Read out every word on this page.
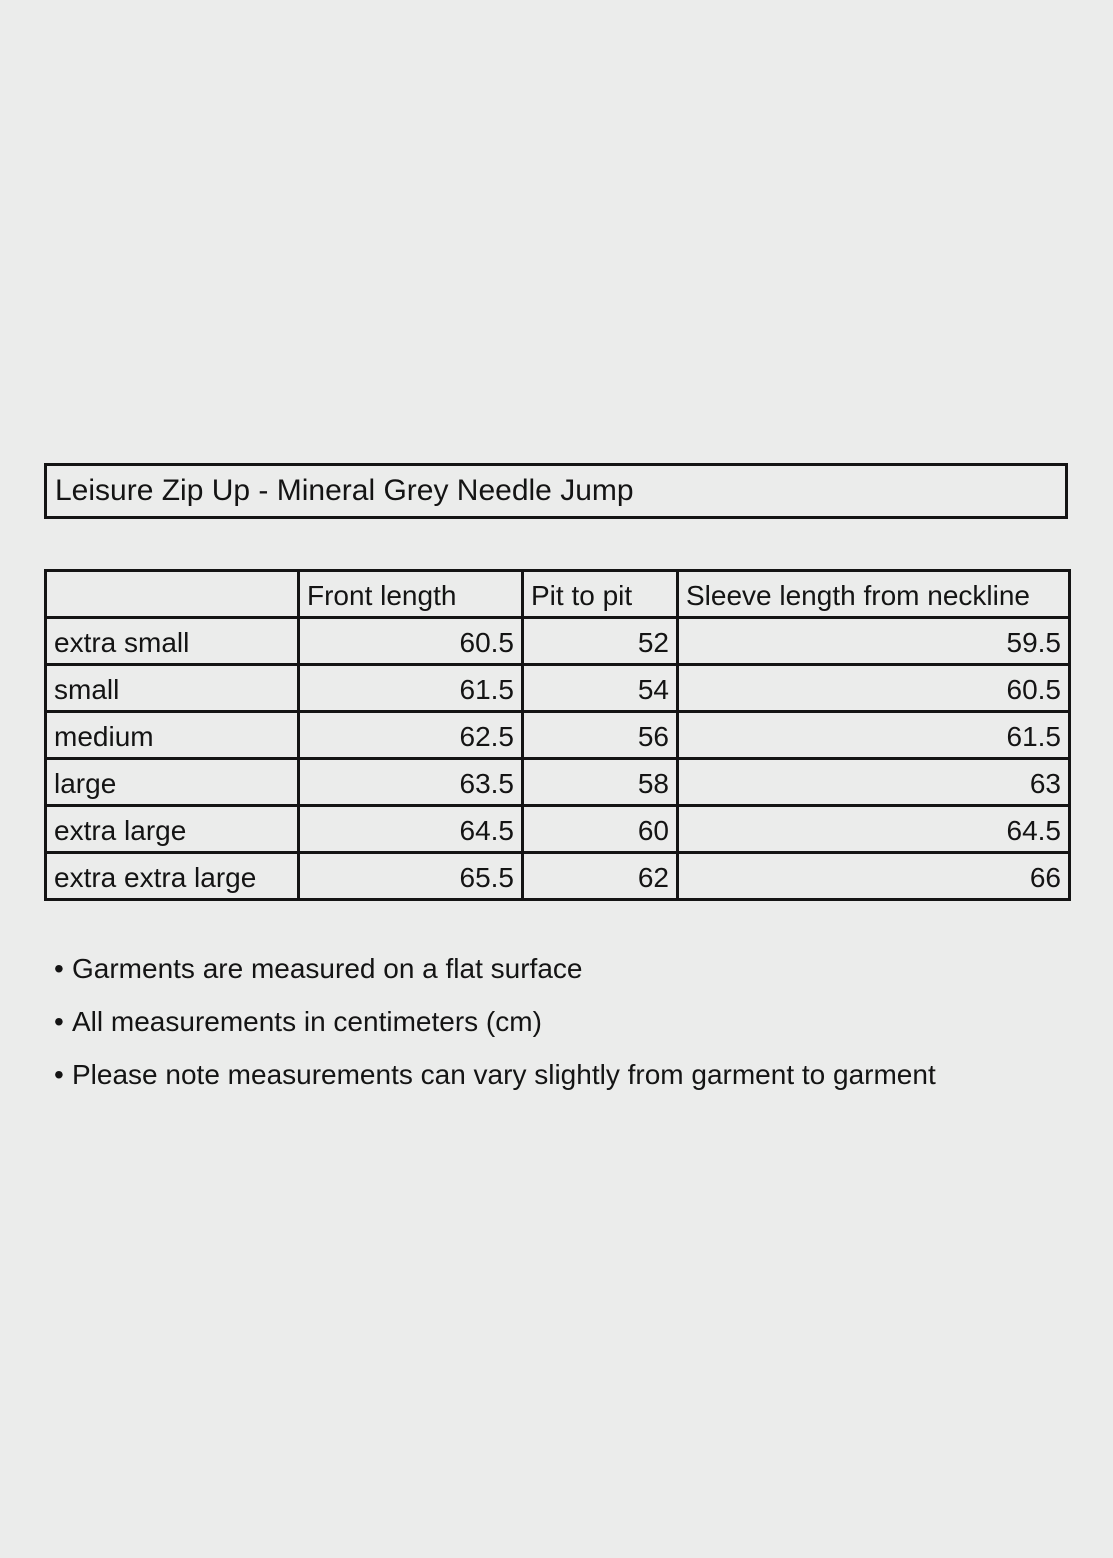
Leisure Zip Up - Mineral Grey Needle Jump
	Front length	Pit to pit	Sleeve length from neckline
extra small	60.5	52	59.5
small	61.5	54	60.5
medium	62.5	56	61.5
large	63.5	58	63
extra large	64.5	60	64.5
extra extra large	65.5	62	66
• Garments are measured on a flat surface
• All measurements in centimeters (cm)
• Please note measurements can vary slightly from garment to garment
